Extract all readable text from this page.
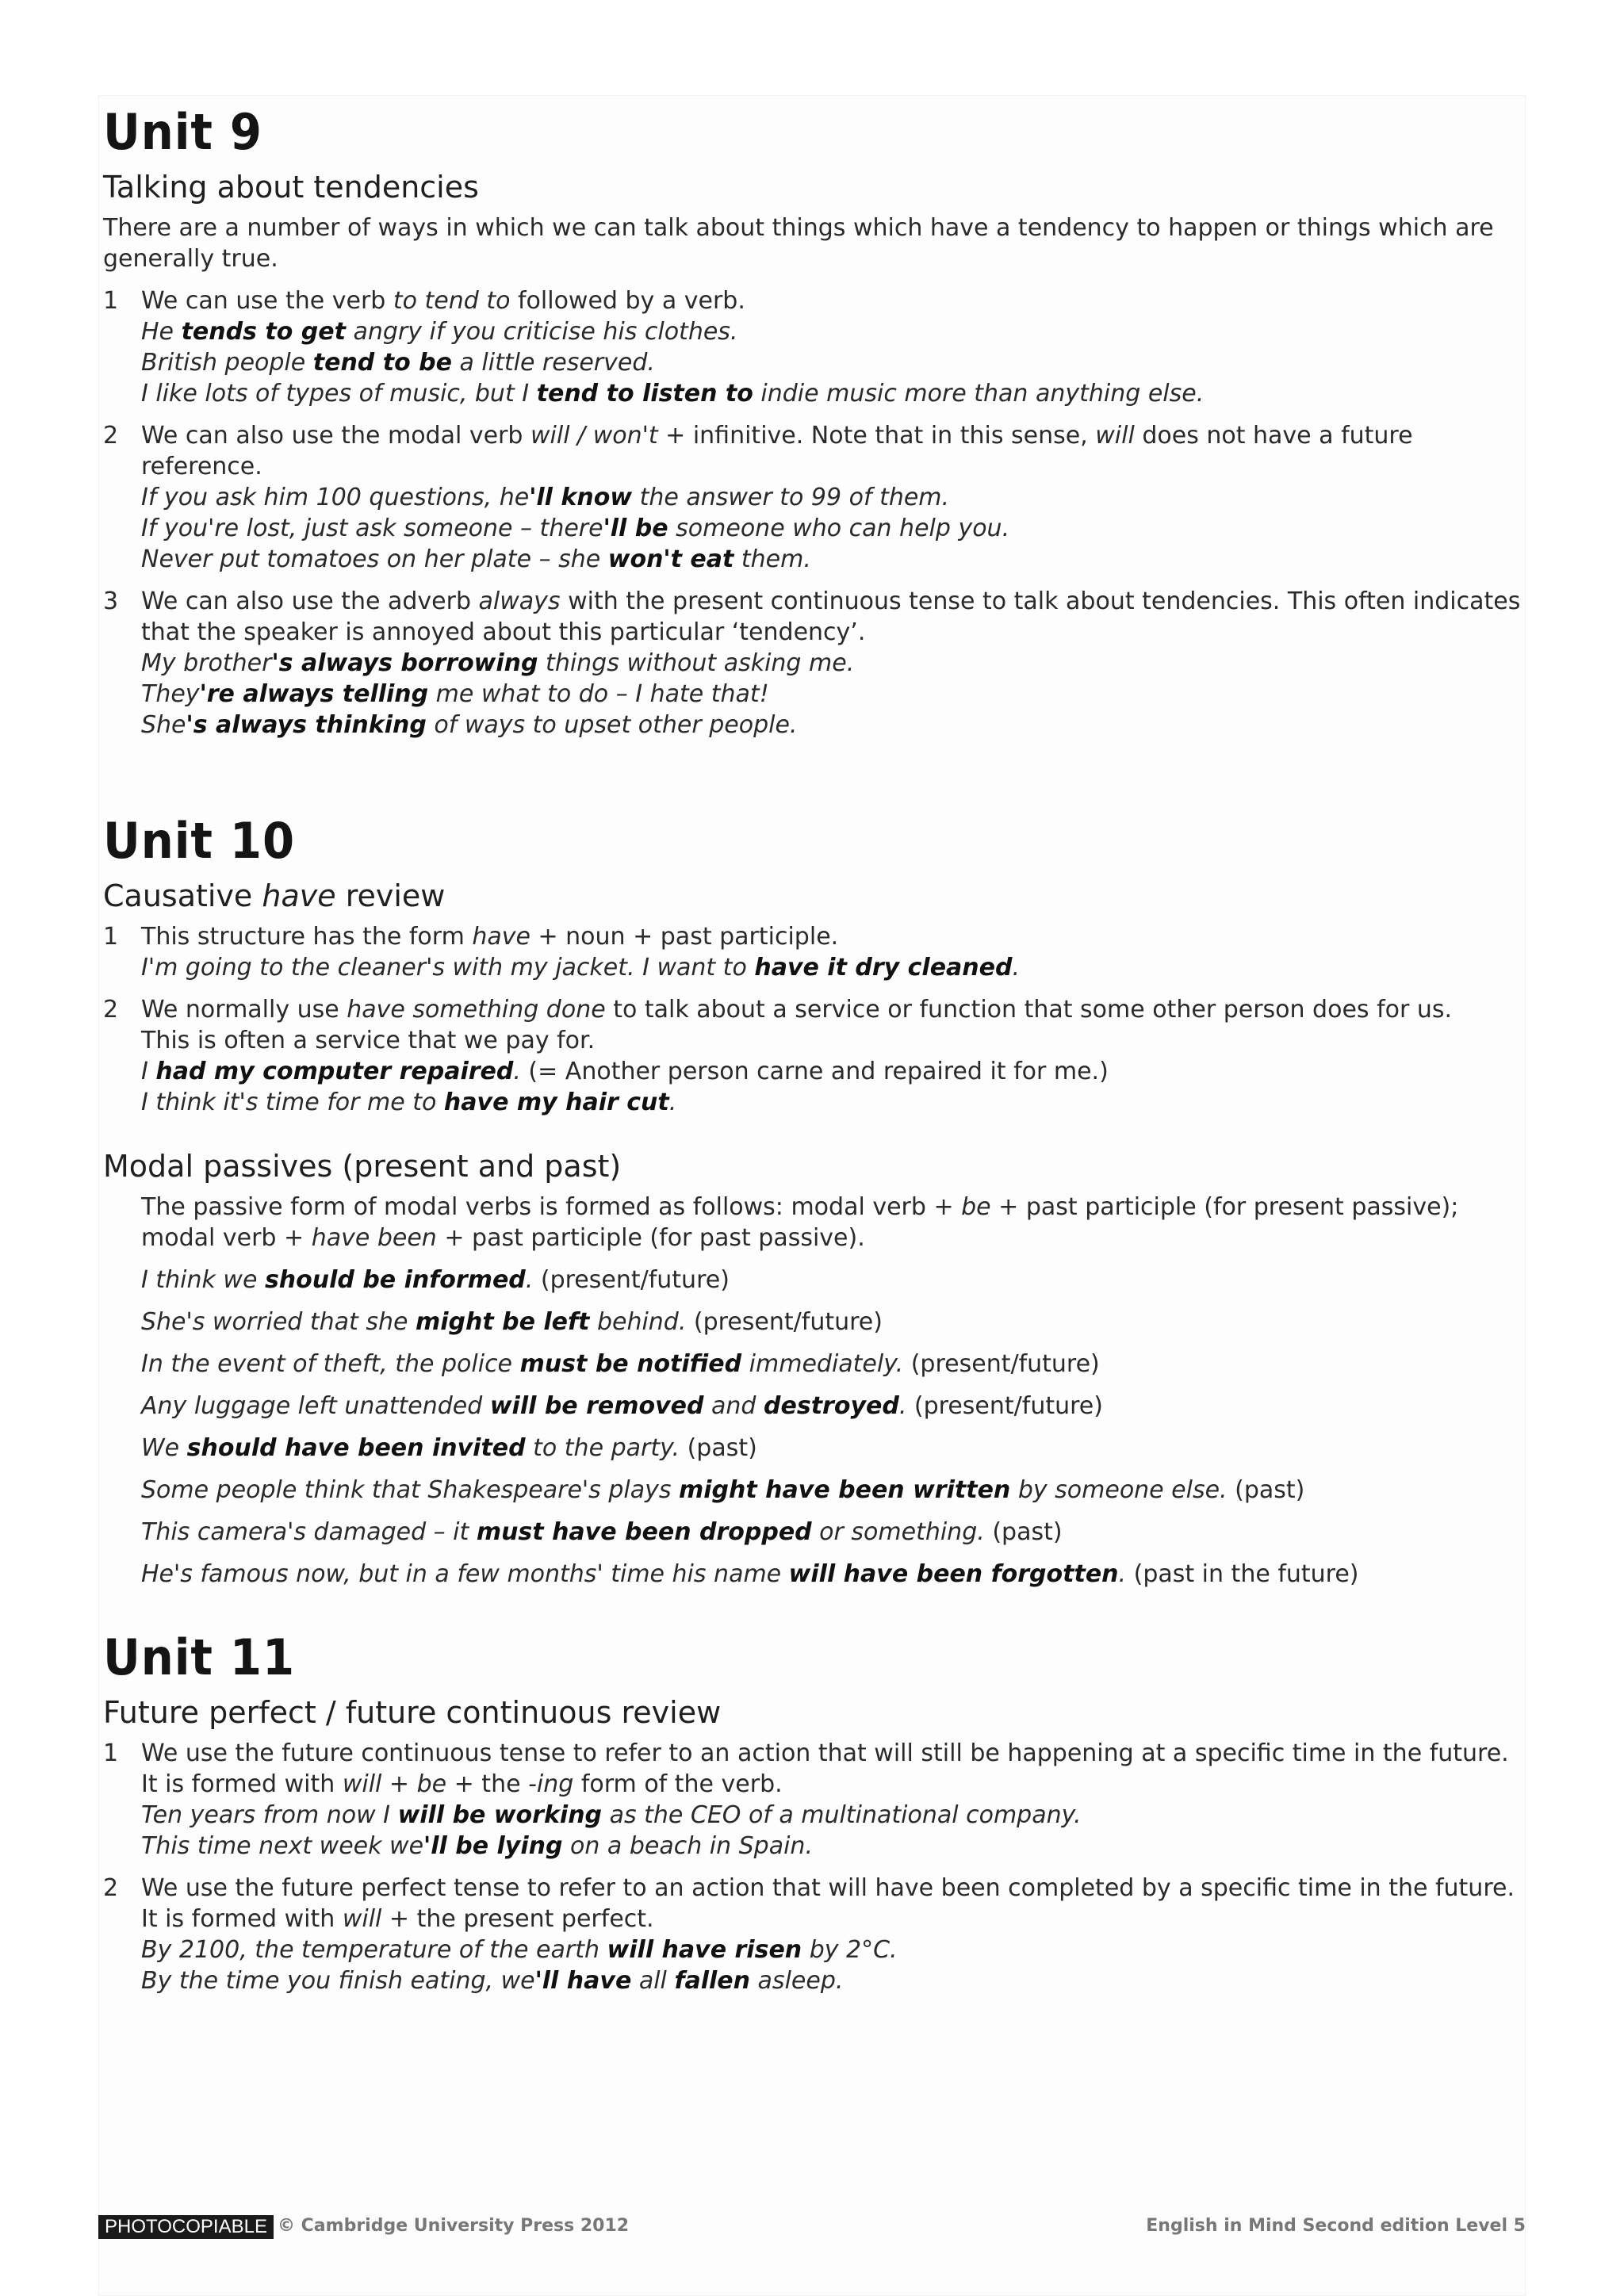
Unit 9
Talking about tendencies

There are a number of ways in which we can talk about things which have a tendency to happen or things which are

generally true.

1 We can use the verb to tend to followed by a verb.

He tends to get angry if you criticise his clothes.

British people tend to be a little reserved.

I like lots of types of music, but I tend to listen to indie music more than anything else.

2 We can also use the modal verb will / won't + infinitive. Note that in this sense, will does not have a future

reference.

If you ask him 100 questions, he'll know the answer to 99 of them.

If you're lost, just ask someone – there'll be someone who can help you.

Never put tomatoes on her plate – she won't eat them.

3 We can also use the adverb always with the present continuous tense to talk about tendencies. This often indicates

that the speaker is annoyed about this particular ‘tendency’.

My brother's always borrowing things without asking me.

They're always telling me what to do – I hate that!

She's always thinking of ways to upset other people.

Unit 10
Causative have review
1 This structure has the form have + noun + past participle.

I'm going to the cleaner's with my jacket. I want to have it dry cleaned.

2 We normally use have something done to talk about a service or function that some other person does for us.

This is often a service that we pay for.

I had my computer repaired. (= Another person carne and repaired it for me.)

I think it's time for me to have my hair cut.

Modal passives (present and past)

The passive form of modal verbs is formed as follows: modal verb + be + past participle (for present passive);

modal verb + have been + past participle (for past passive).

I think we should be informed. (present/future)

She's worried that she might be left behind. (present/future)

In the event of theft, the police must be notified immediately. (present/future)

Any luggage left unattended will be removed and destroyed. (present/future)

We should have been invited to the party. (past)

Some people think that Shakespeare's plays might have been written by someone else. (past)

This camera's damaged – it must have been dropped or something. (past)

He's famous now, but in a few months' time his name will have been forgotten. (past in the future)

Unit 11
Future perfect / future continuous review
1 We use the future continuous tense to refer to an action that will still be happening at a specific time in the future.

It is formed with will + be + the -ing form of the verb.

Ten years from now I will be working as the CEO of a multinational company.

This time next week we'll be lying on a beach in Spain.

2 We use the future perfect tense to refer to an action that will have been completed by a specific time in the future.

It is formed with will + the present perfect.

By 2100, the temperature of the earth will have risen by 2°C.

By the time you finish eating, we'll have all fallen asleep.

PHOTOCOPIABLE © Cambridge University Press 2012	English in Mind Second edition Level 5
